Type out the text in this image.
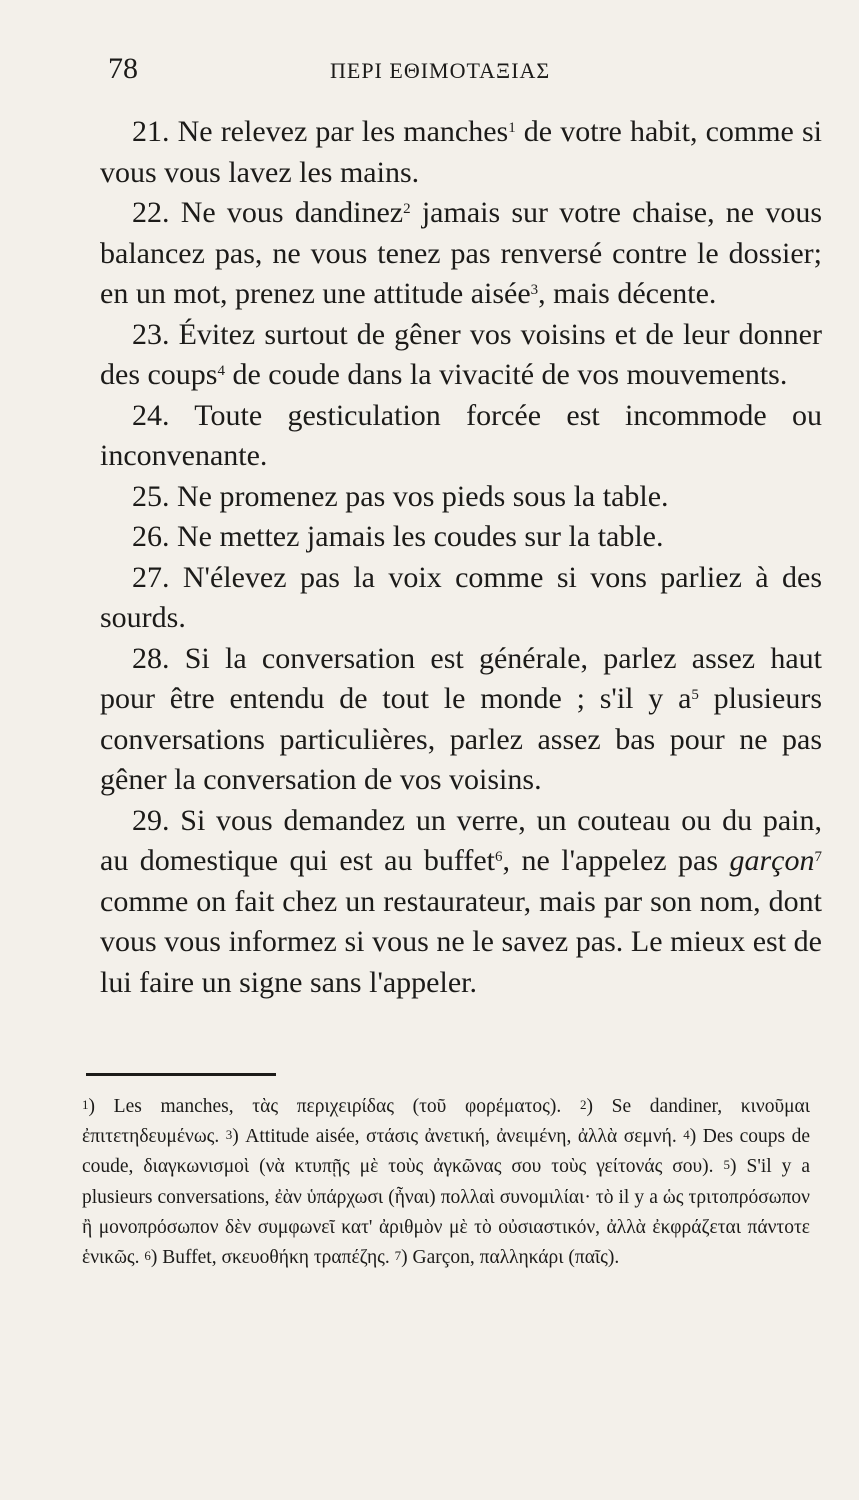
78	ΠΕΡΙ ΕΘΙΜΟΤΑΞΙΑΣ

21. Ne relevez par les manches$^1$ de votre habit, comme si vous vous lavez les mains.

22. Ne vous dandinez$^2$ jamais sur votre chaise, ne vous balancez pas, ne vous tenez pas renversé contre le dossier; en un mot, prenez une attitude aisée$^3$, mais décente.

23. Évitez surtout de gêner vos voisins et de leur donner des coups$^4$ de coude dans la vivacité de vos mouvements.

24. Toute gesticulation forcée est incommode ou inconvenante.

25. Ne promenez pas vos pieds sous la table.

26. Ne mettez jamais les coudes sur la table.

27. N'élevez pas la voix comme si vons parliez à des sourds.

28. Si la conversation est générale, parlez assez haut pour être entendu de tout le monde ; s'il y $a^5$ plusieurs conversations particulières, parlez assez bas pour ne pas gêner la conversation de vos voisins.

29. Si vous demandez un verre, un couteau ou du pain, au domestique qui est au buffet$^6$, ne l'appelez pas garçon$^7$ comme on fait chez un restaurateur, mais par son nom, dont vous vous informez si vous ne le savez pas. Le mieux est de lui faire un signe sans l'appeler.

$^1$) Les manches, τὰς περιχειρίδας (τοῦ φορέματος). $^2$) Se dandiner, κινοῦμαι ἐπιτετηδευμένως. $^3$) Attitude aisée, στάσις ἀνετική, ἀνειμένη, ἀλλὰ σεμνή. $^4$) Des coups de coude, διαγκωνισμοὶ (νὰ κτυπῇς μὲ τοὺς ἀγκῶνας σου τοὺς γείτονάς σου). $^5$) S'il y a plusieurs conversations, ἐὰν ὑπάρχωσι (ἦναι) πολλαὶ συνομιλίαι· τὸ il y a ὡς τριτοπρόσωπον ἢ μονοπρόσωπον δὲν συμφωνεῖ κατ' ἀριθμὸν μὲ τὸ οὐσιαστικόν, ἀλλὰ ἐκφράζεται πάντοτε ἑνικῶς. $^6$) Buffet, σκευοθήκη τραπέζης. $^7$) Garçon, παλληκάρι (παῖς).
